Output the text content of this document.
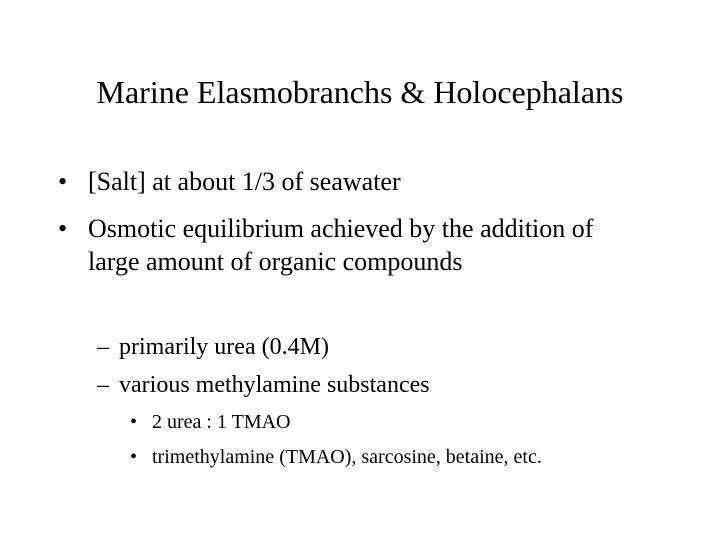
Marine Elasmobranchs & Holocephalans
• [Salt] at about 1/3 of seawater
• Osmotic equilibrium achieved by the addition of large amount of organic compounds
– primarily urea (0.4M)
– various methylamine substances
• 2 urea : 1 TMAO
• trimethylamine (TMAO), sarcosine, betaine, etc.
